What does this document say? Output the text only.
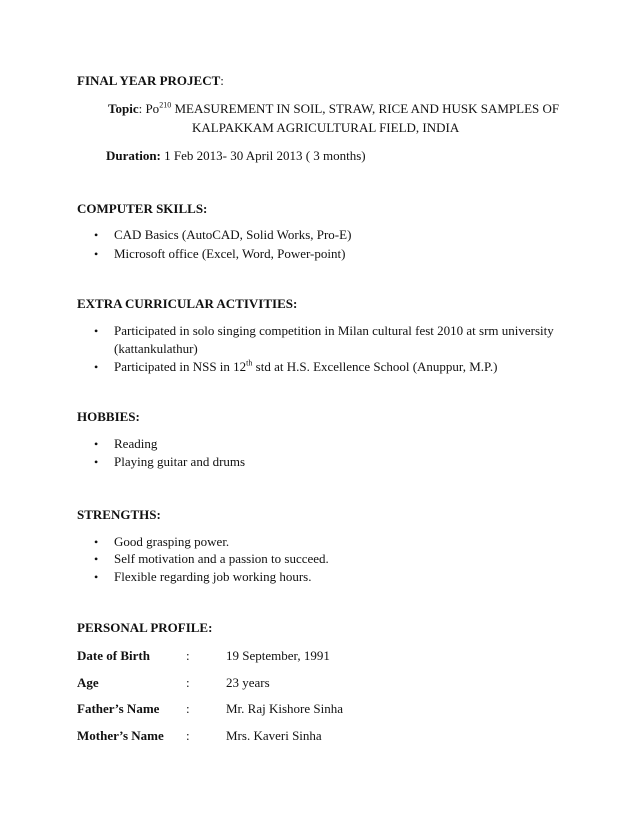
FINAL YEAR PROJECT:
Topic: Po$^{210}$ MEASUREMENT IN SOIL, STRAW, RICE AND HUSK SAMPLES OF
KALPAKKAM AGRICULTURAL FIELD, INDIA
Duration: 1 Feb 2013- 30 April 2013 ( 3 months)
COMPUTER SKILLS:
•	CAD Basics (AutoCAD, Solid Works, Pro-E)
•	Microsoft office (Excel, Word, Power-point)
EXTRA CURRICULAR ACTIVITIES:
•	Participated in solo singing competition in Milan cultural fest 2010 at srm university
(kattankulathur)
•	Participated in NSS in 12th std at H.S. Excellence School (Anuppur, M.P.)
HOBBIES:
•	Reading
•	Playing guitar and drums
STRENGTHS:
•	Good grasping power.
•	Self motivation and a passion to succeed.
•	Flexible regarding job working hours.
PERSONAL PROFILE:
Date of Birth	:	19 September, 1991
Age	:	23 years
Father’s Name :	Mr. Raj Kishore Sinha
Mother’s Name :	Mrs. Kaveri Sinha
